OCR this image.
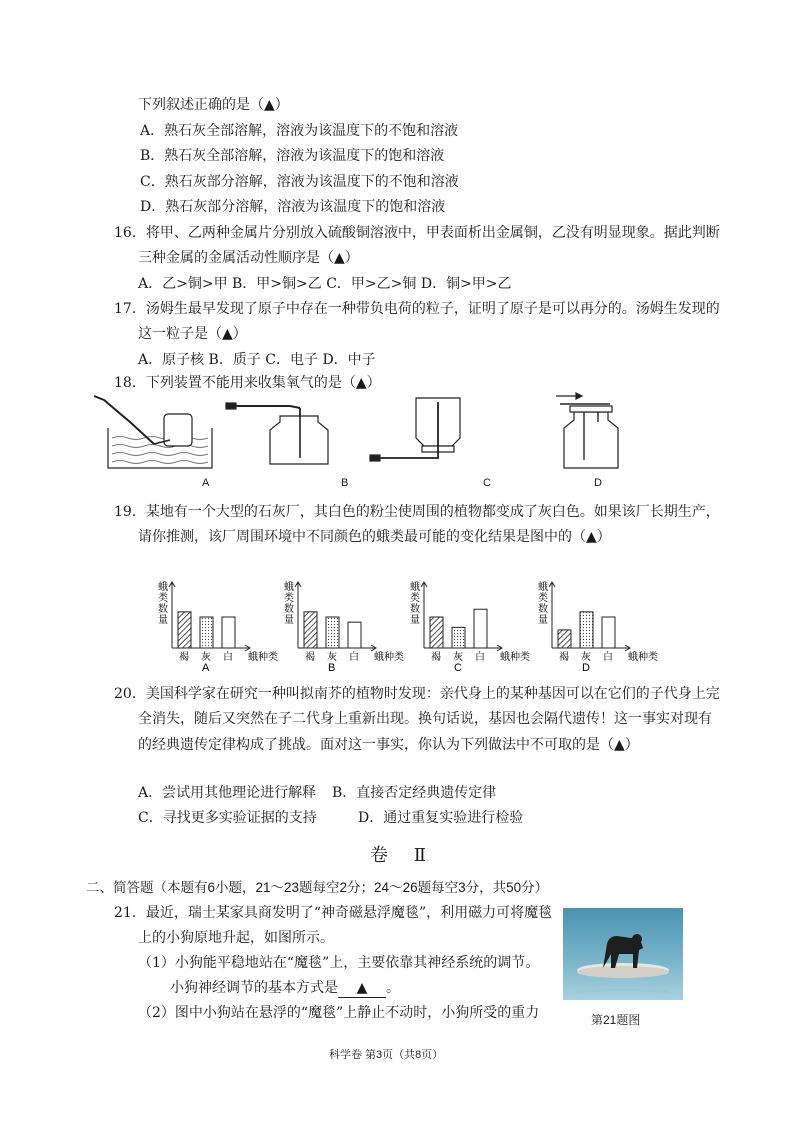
下列叙述正确的是（▲）
A．熟石灰全部溶解，溶液为该温度下的不饱和溶液
B．熟石灰全部溶解，溶液为该温度下的饱和溶液
C．熟石灰部分溶解，溶液为该温度下的不饱和溶液
D．熟石灰部分溶解，溶液为该温度下的饱和溶液
16．将甲、乙两种金属片分别放入硫酸铜溶液中，甲表面析出金属铜，乙没有明显现象。据此判断
三种金属的金属活动性顺序是（▲）
A．乙>铜>甲 B．甲>铜>乙 C．甲>乙>铜 D．铜>甲>乙
17．汤姆生最早发现了原子中存在一种带负电荷的粒子，证明了原子是可以再分的。汤姆生发现的
这一粒子是（▲）
A．原子核 B．质子 C．电子 D．中子
18．下列装置不能用来收集氧气的是（▲）
A	B	C	D
19．某地有一个大型的石灰厂，其白色的粉尘使周围的植物都变成了灰白色。如果该厂长期生产，
请你推测，该厂周围环境中不同颜色的蛾类最可能的变化结果是图中的（▲）
蛾类数量
褐 灰 白 蛾种类
A
蛾类数量
褐 灰 白 蛾种类
B
蛾类数量
褐 灰 白 蛾种类
C
蛾类数量
褐 灰 白 蛾种类
D
20．美国科学家在研究一种叫拟南芥的植物时发现：亲代身上的某种基因可以在它们的子代身上完
全消失，随后又突然在子二代身上重新出现。换句话说，基因也会隔代遗传！这一事实对现有
的经典遗传定律构成了挑战。面对这一事实，你认为下列做法中不可取的是（▲）
A．尝试用其他理论进行解释 B．直接否定经典遗传定律
C．寻找更多实验证据的支持	D．通过重复实验进行检验
卷 Ⅱ
二、简答题（本题有6小题，21～23题每空2分；24～26题每空3分，共50分）
21．最近，瑞士某家具商发明了“神奇磁悬浮魔毯”，利用磁力可将魔毯
上的小狗原地升起，如图所示。
（1）小狗能平稳地站在“魔毯”上，主要依靠其神经系统的调节。
小狗神经调节的基本方式是 ▲ 。
（2）图中小狗站在悬浮的“魔毯”上静止不动时，小狗所受的重力	第21题图
科学卷 第3页（共8页）
